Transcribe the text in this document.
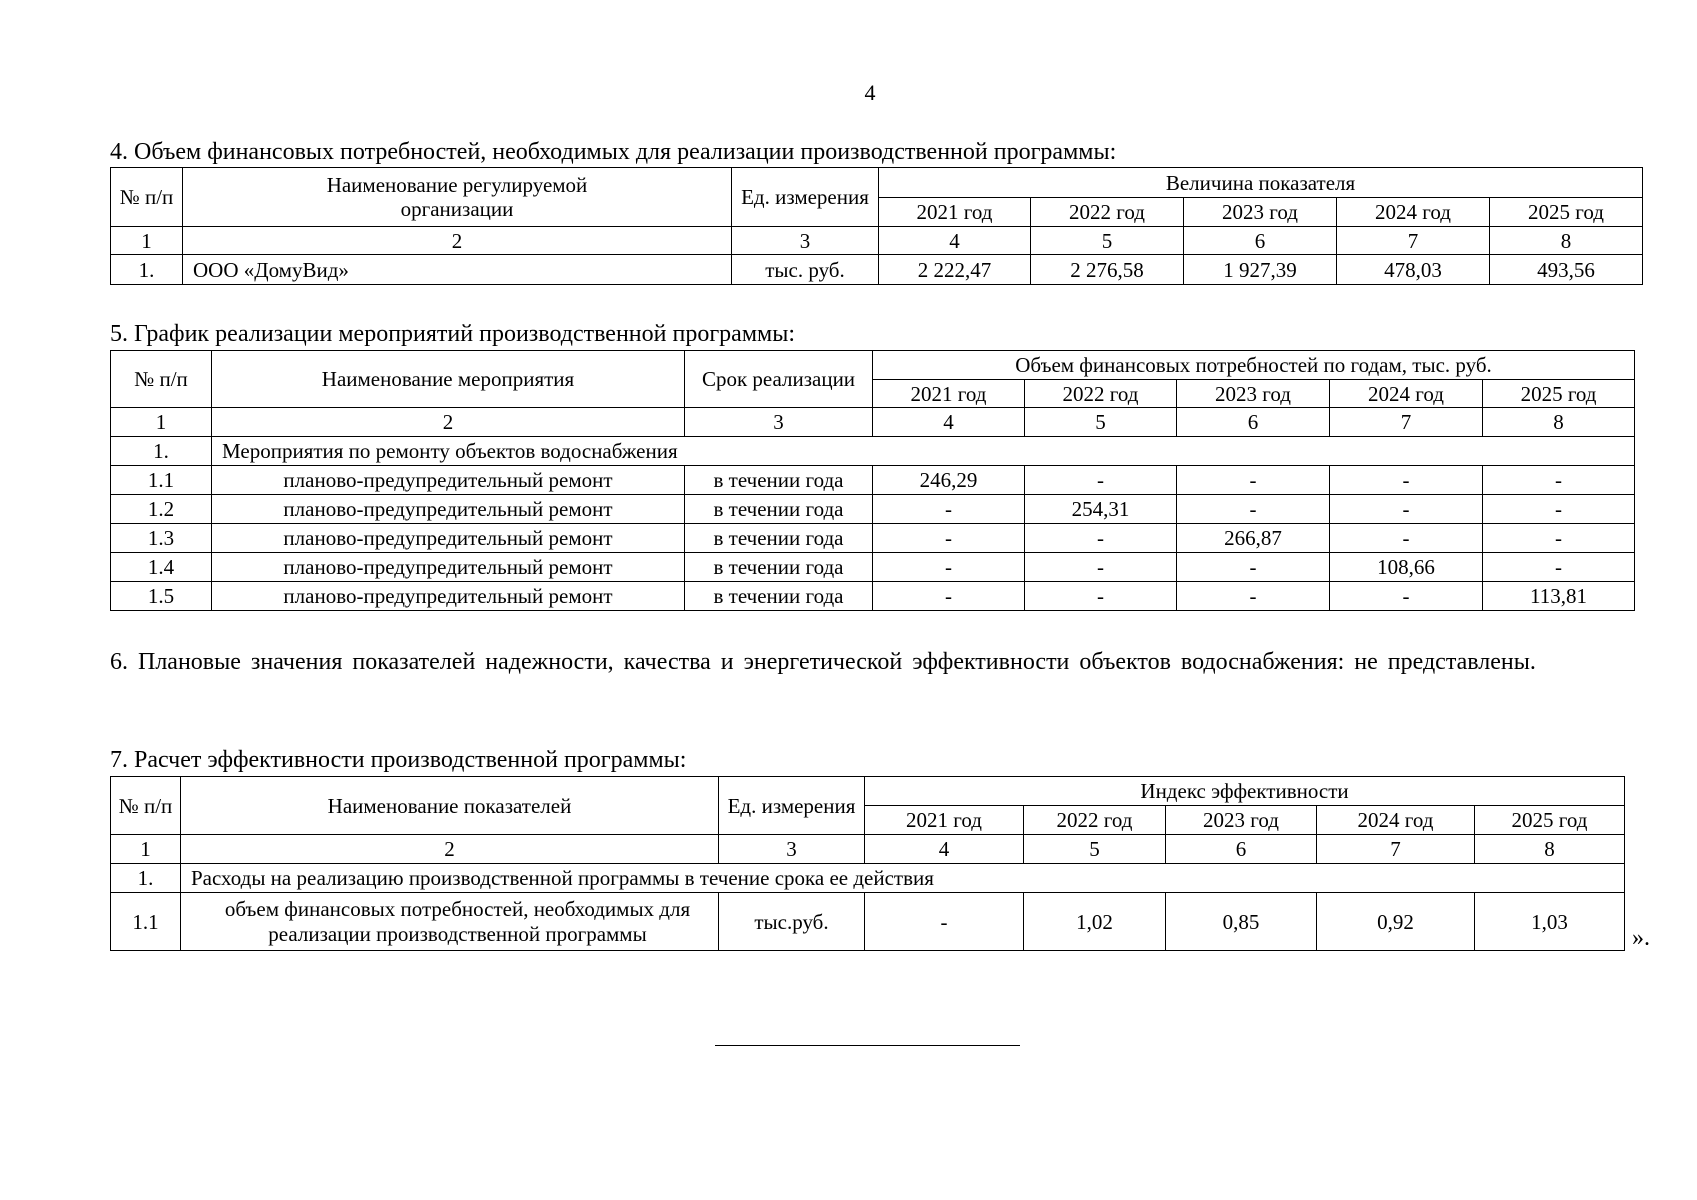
4
4. Объем финансовых потребностей, необходимых для реализации производственной программы:
№ п/п	Наименование регулируемой организации	Ед. измерения	Величина показателя				
			2021 год	2022 год	2023 год	2024 год	2025 год
1	2	3	4	5	6	7	8
1.	ООО «ДомуВид»	тыс. руб.	2 222,47	2 276,58	1 927,39	478,03	493,56
5. График реализации мероприятий производственной программы:
№ п/п	Наименование мероприятия	Срок реализации	Объем финансовых потребностей по годам, тыс. руб.				
			2021 год	2022 год	2023 год	2024 год	2025 год
1	2	3	4	5	6	7	8
1.	Мероприятия по ремонту объектов водоснабжения						
1.1	планово-предупредительный ремонт	в течении года	246,29	-	-	-	-
1.2	планово-предупредительный ремонт	в течении года	-	254,31	-	-	-
1.3	планово-предупредительный ремонт	в течении года	-	-	266,87	-	-
1.4	планово-предупредительный ремонт	в течении года	-	-	-	108,66	-
1.5	планово-предупредительный ремонт	в течении года	-	-	-	-	113,81
6. Плановые значения показателей надежности, качества и энергетической эффективности объектов водоснабжения: не представлены.
7. Расчет эффективности производственной программы:
№ п/п	Наименование показателей	Ед. измерения	Индекс эффективности				
			2021 год	2022 год	2023 год	2024 год	2025 год
1	2	3	4	5	6	7	8
1.	Расходы на реализацию производственной программы в течение срока ее действия						
1.1	объем финансовых потребностей, необходимых для реализации производственной программы	тыс.руб.	-	1,02	0,85	0,92	1,03
».
